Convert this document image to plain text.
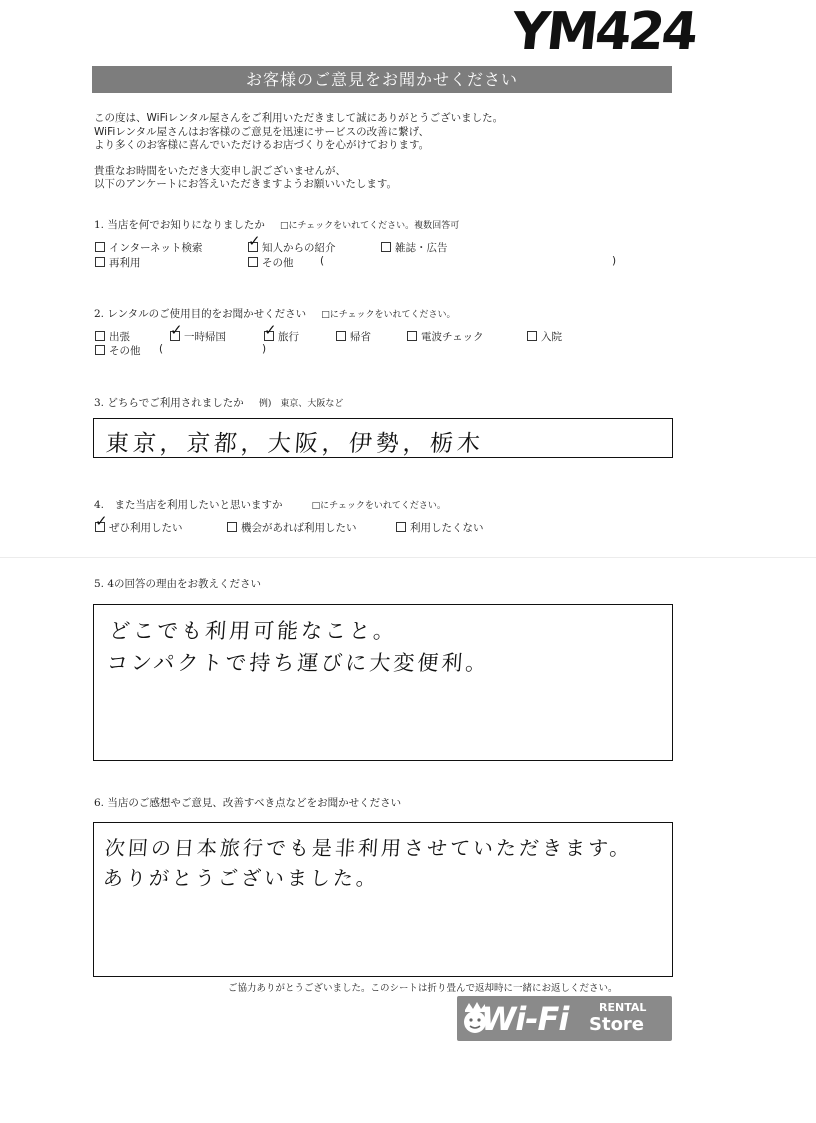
YM424
お客様のご意見をお聞かせください

この度は、WiFiレンタル屋さんをご利用いただきまして誠にありがとうございました。
WiFiレンタル屋さんはお客様のご意見を迅速にサービスの改善に繋げ、
より多くのお客様に喜んでいただけるお店づくりを心がけております。

貴重なお時間をいただき大変申し訳ございませんが、
以下のアンケートにお答えいただきますようお願いいたします。

1. 当店を何でお知りになりましたか □にチェックをいれてください。複数回答可
インターネット検索	✓ 知人からの紹介	雑誌・広告
再利用	その他	(	)
2. レンタルのご使用目的をお聞かせください □にチェックをいれてください。
出張	✓ 一時帰国	✓ 旅行	帰省	電波チェック	入院
その他 (	)
3. どちらでご利用されましたか 例)　東京、大阪など
東京，京都，大阪，伊勢，栃木
4.　また当店を利用したいと思いますか	□にチェックをいれてください。
✓ ぜひ利用したい	機会があれば利用したい	利用したくない
5. 4の回答の理由をお教えください
どこでも利用可能なこと。
コンパクトで持ち運びに大変便利。
6. 当店のご感想やご意見、改善すべき点などをお聞かせください
次回の日本旅行でも是非利用させていただきます。
ありがとうございました。
ご協力ありがとうございました。このシートは折り畳んで返却時に一緒にお返しください。
Wi-Fi	RENTAL
Store
